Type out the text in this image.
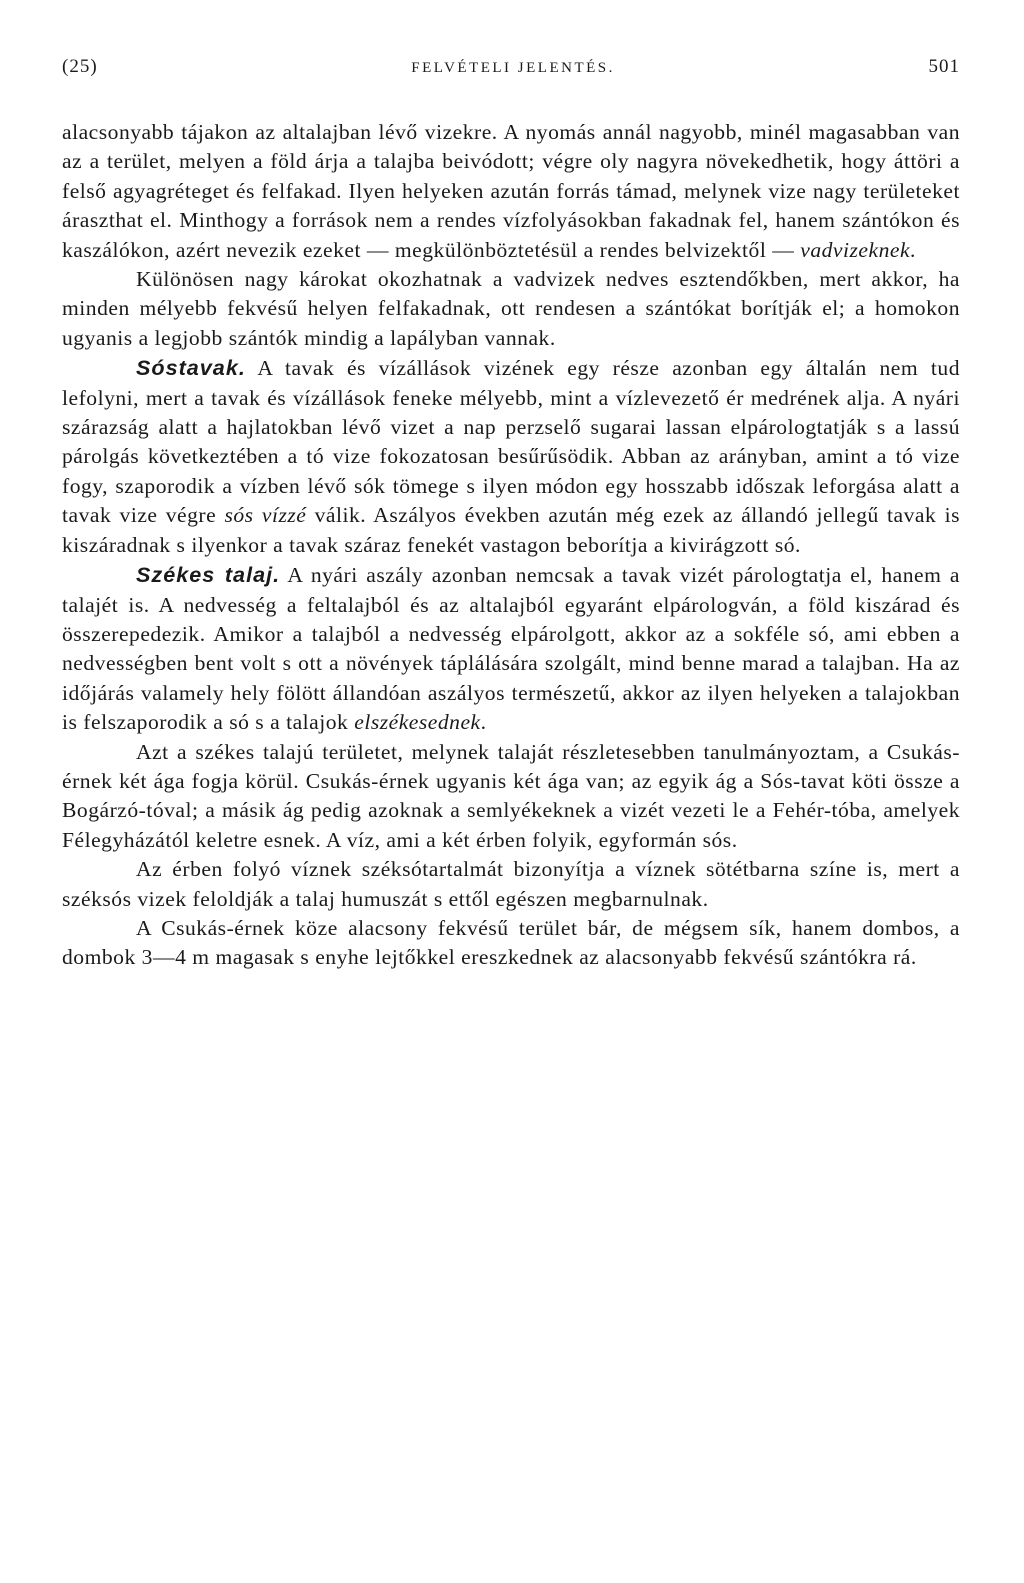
(25)	FELVÉTELI JELENTÉS.	501

alacsonyabb tájakon az altalajban lévő vizekre. A nyomás annál nagyobb, minél magasabban van az a terület, melyen a föld árja a talajba beivódott; végre oly nagyra növekedhetik, hogy áttöri a felső agyagréteget és felfakad. Ilyen helyeken azután forrás támad, melynek vize nagy területeket áraszthat el. Minthogy a források nem a rendes vízfolyásokban fakadnak fel, hanem szántókon és kaszálókon, azért nevezik ezeket — megkülönböztetésül a rendes belvizektől — vadvizeknek.

Különösen nagy károkat okozhatnak a vadvizek nedves esztendőkben, mert akkor, ha minden mélyebb fekvésű helyen felfakadnak, ott rendesen a szántókat borítják el; a homokon ugyanis a legjobb szántók mindig a lapályban vannak.

Sóstavak. A tavak és vízállások vizének egy része azonban egy általán nem tud lefolyni, mert a tavak és vízállások feneke mélyebb, mint a vízlevezető ér medrének alja. A nyári szárazság alatt a hajlatokban lévő vizet a nap perzselő sugarai lassan elpárologtatják s a lassú párolgás következtében a tó vize fokozatosan besűrűsödik. Abban az arányban, amint a tó vize fogy, szaporodik a vízben lévő sók tömege s ilyen módon egy hosszabb időszak leforgása alatt a tavak vize végre sós vízzé válik. Aszályos években azután még ezek az állandó jellegű tavak is kiszáradnak s ilyenkor a tavak száraz fenekét vastagon beborítja a kivirágzott só.

Székes talaj. A nyári aszály azonban nemcsak a tavak vizét párologtatja el, hanem a talajét is. A nedvesség a feltalajból és az altalajból egyaránt elpárologván, a föld kiszárad és összerepedezik. Amikor a talajból a nedvesség elpárolgott, akkor az a sokféle só, ami ebben a nedvességben bent volt s ott a növények táplálására szolgált, mind benne marad a talajban. Ha az időjárás valamely hely fölött állandóan aszályos természetű, akkor az ilyen helyeken a talajokban is felszaporodik a só s a talajok elszékesednek.

Azt a székes talajú területet, melynek talaját részletesebben tanulmányoztam, a Csukás-érnek két ága fogja körül. Csukás-érnek ugyanis két ága van; az egyik ág a Sós-tavat köti össze a Bogárzó-tóval; a másik ág pedig azoknak a semlyékeknek a vizét vezeti le a Fehér-tóba, amelyek Félegyházától keletre esnek. A víz, ami a két érben folyik, egyformán sós.

Az érben folyó víznek széksótartalmát bizonyítja a víznek sötétbarna színe is, mert a széksós vizek feloldják a talaj humuszát s ettől egészen megbarnulnak.

A Csukás-érnek köze alacsony fekvésű terület bár, de mégsem sík, hanem dombos, a dombok 3—4 m magasak s enyhe lejtőkkel ereszkednek az alacsonyabb fekvésű szántókra rá.
